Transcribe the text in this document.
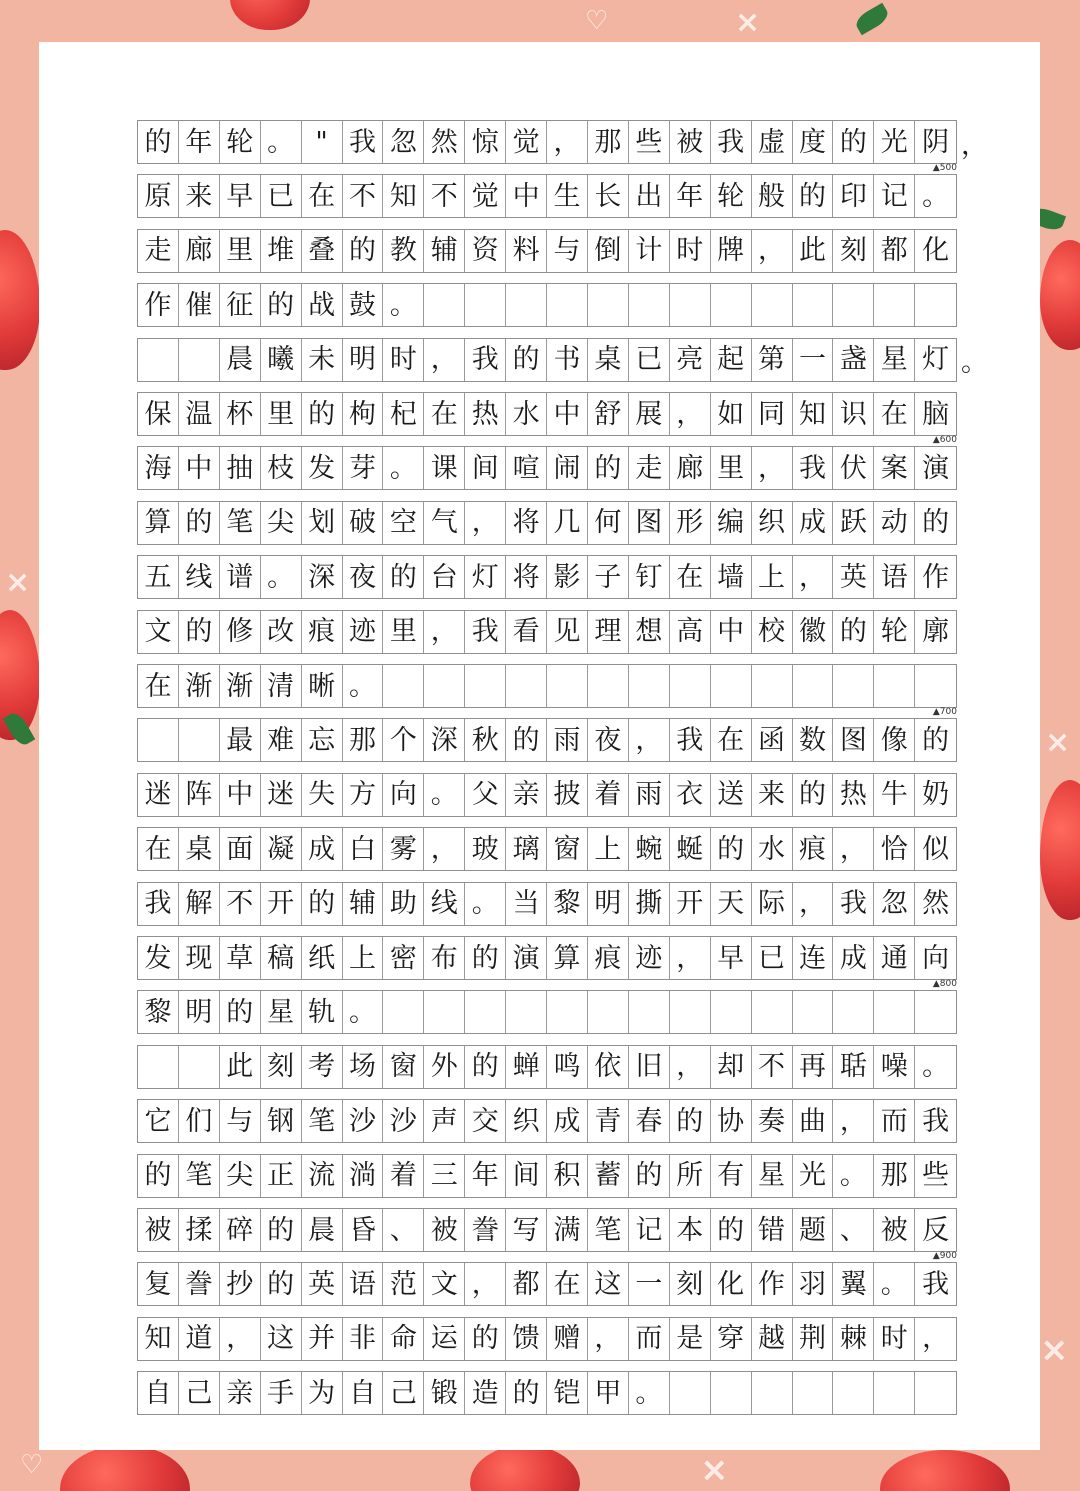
×
×
×
×
×
♡
♡
的 年 轮 。 " 我 忽 然 惊 觉 ， 那 些 被 我 虚 度 的 光 阴 ，
▲500
原 来 早 已 在 不 知 不 觉 中 生 长 出 年 轮 般 的 印 记 。
走 廊 里 堆 叠 的 教 辅 资 料 与 倒 计 时 牌 ， 此 刻 都 化
作 催 征 的 战 鼓 。
晨 曦 未 明 时 ， 我 的 书 桌 已 亮 起 第 一 盏 星 灯 。
保 温 杯 里 的 枸 杞 在 热 水 中 舒 展 ， 如 同 知 识 在 脑
▲600
海 中 抽 枝 发 芽 。 课 间 喧 闹 的 走 廊 里 ， 我 伏 案 演
算 的 笔 尖 划 破 空 气 ， 将 几 何 图 形 编 织 成 跃 动 的
五 线 谱 。 深 夜 的 台 灯 将 影 子 钉 在 墙 上 ， 英 语 作
文 的 修 改 痕 迹 里 ， 我 看 见 理 想 高 中 校 徽 的 轮 廓
在 渐 渐 清 晰 。
▲700
最 难 忘 那 个 深 秋 的 雨 夜 ， 我 在 函 数 图 像 的
迷 阵 中 迷 失 方 向 。 父 亲 披 着 雨 衣 送 来 的 热 牛 奶
在 桌 面 凝 成 白 雾 ， 玻 璃 窗 上 蜿 蜒 的 水 痕 ， 恰 似
我 解 不 开 的 辅 助 线 。 当 黎 明 撕 开 天 际 ， 我 忽 然
发 现 草 稿 纸 上 密 布 的 演 算 痕 迹 ， 早 已 连 成 通 向
▲800
黎 明 的 星 轨 。
此 刻 考 场 窗 外 的 蝉 鸣 依 旧 ， 却 不 再 聒 噪 。
它 们 与 钢 笔 沙 沙 声 交 织 成 青 春 的 协 奏 曲 ， 而 我
的 笔 尖 正 流 淌 着 三 年 间 积 蓄 的 所 有 星 光 。 那 些
被 揉 碎 的 晨 昏 、 被 誊 写 满 笔 记 本 的 错 题 、 被 反
▲900
复 誊 抄 的 英 语 范 文 ， 都 在 这 一 刻 化 作 羽 翼 。 我
知 道 ， 这 并 非 命 运 的 馈 赠 ， 而 是 穿 越 荆 棘 时 ，
自 己 亲 手 为 自 己 锻 造 的 铠 甲 。
